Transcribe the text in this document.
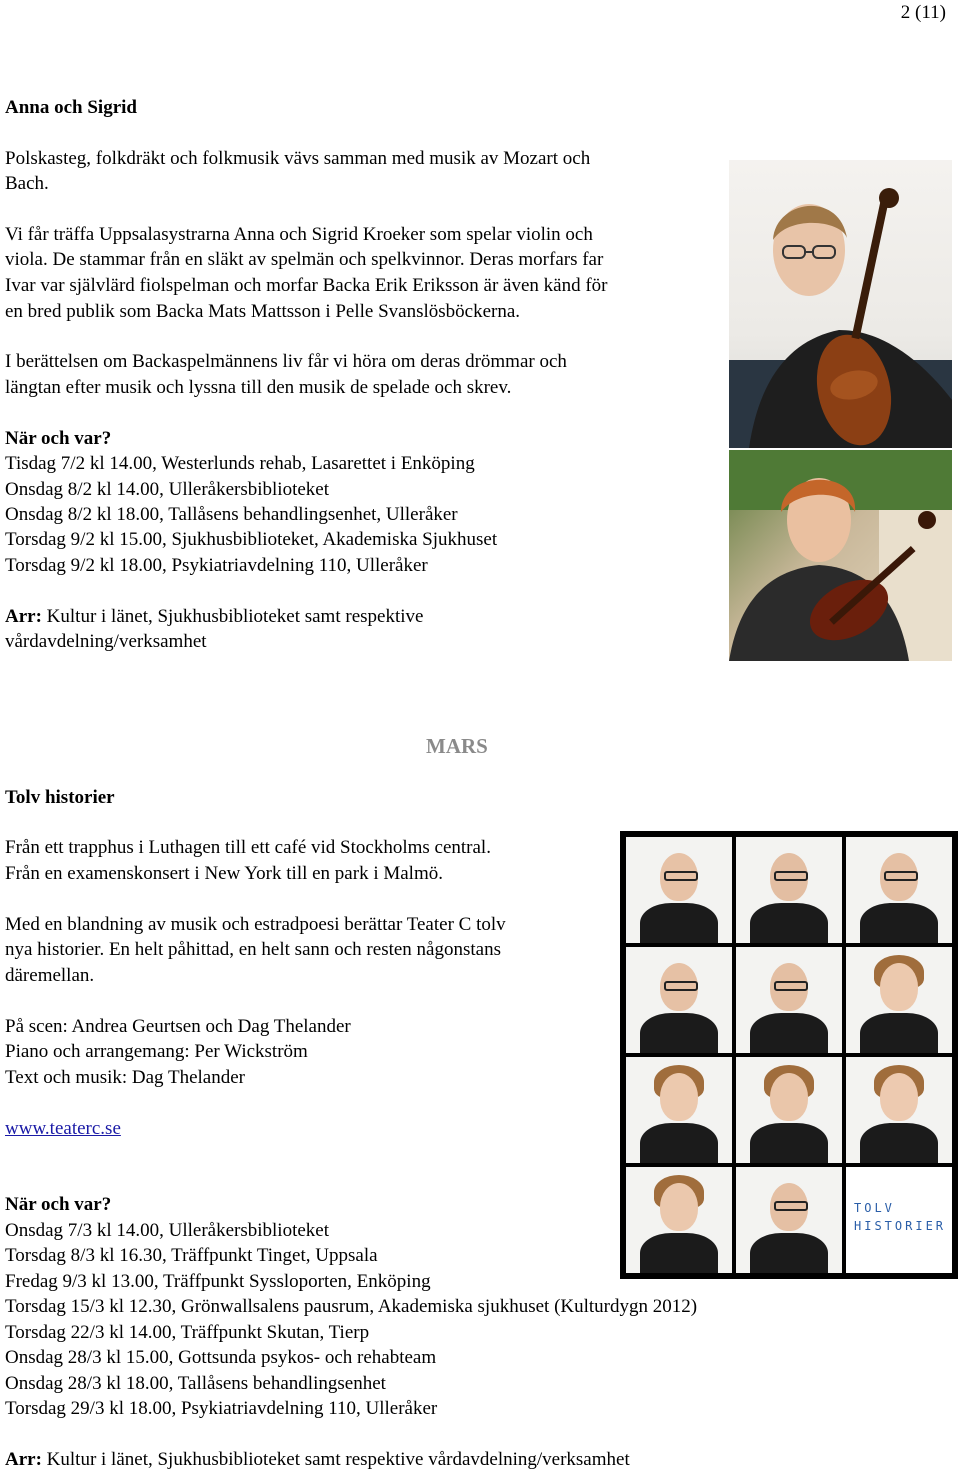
2 (11)
Anna och Sigrid
Polskasteg, folkdräkt och folkmusik vävs samman med musik av Mozart och
Bach.
Vi får träffa Uppsalasystrarna Anna och Sigrid Kroeker som spelar violin och
viola. De stammar från en släkt av spelmän och spelkvinnor. Deras morfars far
Ivar var självlärd fiolspelman och morfar Backa Erik Eriksson är även känd för
en bred publik som Backa Mats Mattsson i Pelle Svanslösböckerna.
I berättelsen om Backaspelmännens liv får vi höra om deras drömmar och
längtan efter musik och lyssna till den musik de spelade och skrev.
När och var?
Tisdag 7/2 kl 14.00, Westerlunds rehab, Lasarettet i Enköping
Onsdag 8/2 kl 14.00, Ulleråkersbiblioteket
Onsdag 8/2 kl 18.00, Tallåsens behandlingsenhet, Ulleråker
Torsdag 9/2 kl 15.00, Sjukhusbiblioteket, Akademiska Sjukhuset
Torsdag 9/2 kl 18.00, Psykiatriavdelning 110, Ulleråker
Arr: Kultur i länet, Sjukhusbiblioteket samt respektive
vårdavdelning/verksamhet
MARS
Tolv historier
Från ett trapphus i Luthagen till ett café vid Stockholms central.
Från en examenskonsert i New York till en park i Malmö.
Med en blandning av musik och estradpoesi berättar Teater C tolv
nya historier. En helt påhittad, en helt sann och resten någonstans
däremellan.
På scen: Andrea Geurtsen och Dag Thelander
Piano och arrangemang: Per Wickström
Text och musik: Dag Thelander
www.teaterc.se
När och var?
Onsdag 7/3 kl 14.00, Ulleråkersbiblioteket
Torsdag 8/3 kl 16.30, Träffpunkt Tinget, Uppsala
Fredag 9/3 kl 13.00, Träffpunkt Syssloporten, Enköping
Torsdag 15/3 kl 12.30, Grönwallsalens pausrum, Akademiska sjukhuset (Kulturdygn 2012)
Torsdag 22/3 kl 14.00, Träffpunkt Skutan, Tierp
Onsdag 28/3 kl 15.00, Gottsunda psykos- och rehabteam
Onsdag 28/3 kl 18.00, Tallåsens behandlingsenhet
Torsdag 29/3 kl 18.00, Psykiatriavdelning 110, Ulleråker
Arr: Kultur i länet, Sjukhusbiblioteket samt respektive vårdavdelning/verksamhet
TOLV
HISTORIER
